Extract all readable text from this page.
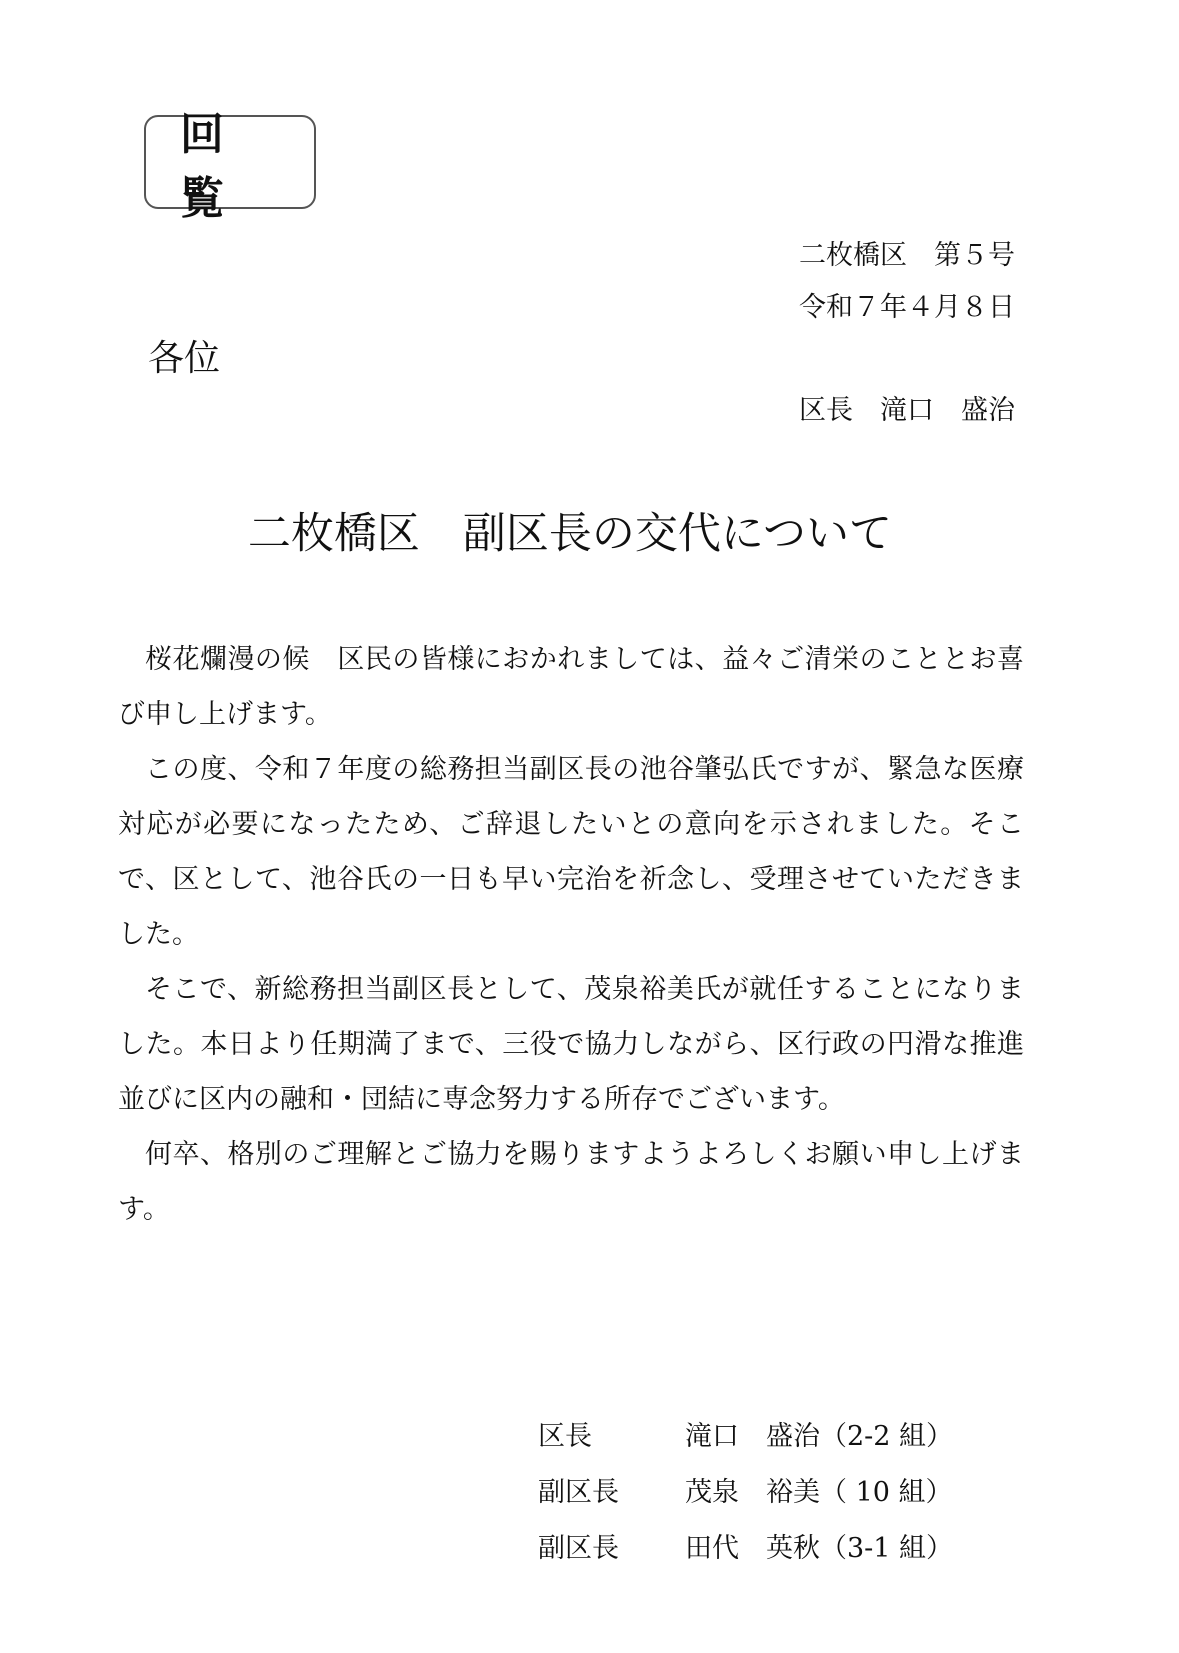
回覧
二枚橋区　第５号
令和７年４月８日
各位
区長　滝口　盛治
二枚橋区　副区長の交代について

桜花爛漫の候　区民の皆様におかれましては、益々ご清栄のこととお喜び申し上げます。

この度、令和７年度の総務担当副区長の池谷肇弘氏ですが、緊急な医療対応が必要になったため、ご辞退したいとの意向を示されました。そこで、区として、池谷氏の一日も早い完治を祈念し、受理させていただきました。

そこで、新総務担当副区長として、茂泉裕美氏が就任することになりました。本日より任期満了まで、三役で協力しながら、区行政の円滑な推進並びに区内の融和・団結に専念努力する所存でございます。

何卒、格別のご理解とご協力を賜りますようよろしくお願い申し上げます。

区長	滝口　盛治（2-2 組）
副区長	茂泉　裕美（ 10 組）
副区長	田代　英秋（3-1 組）
